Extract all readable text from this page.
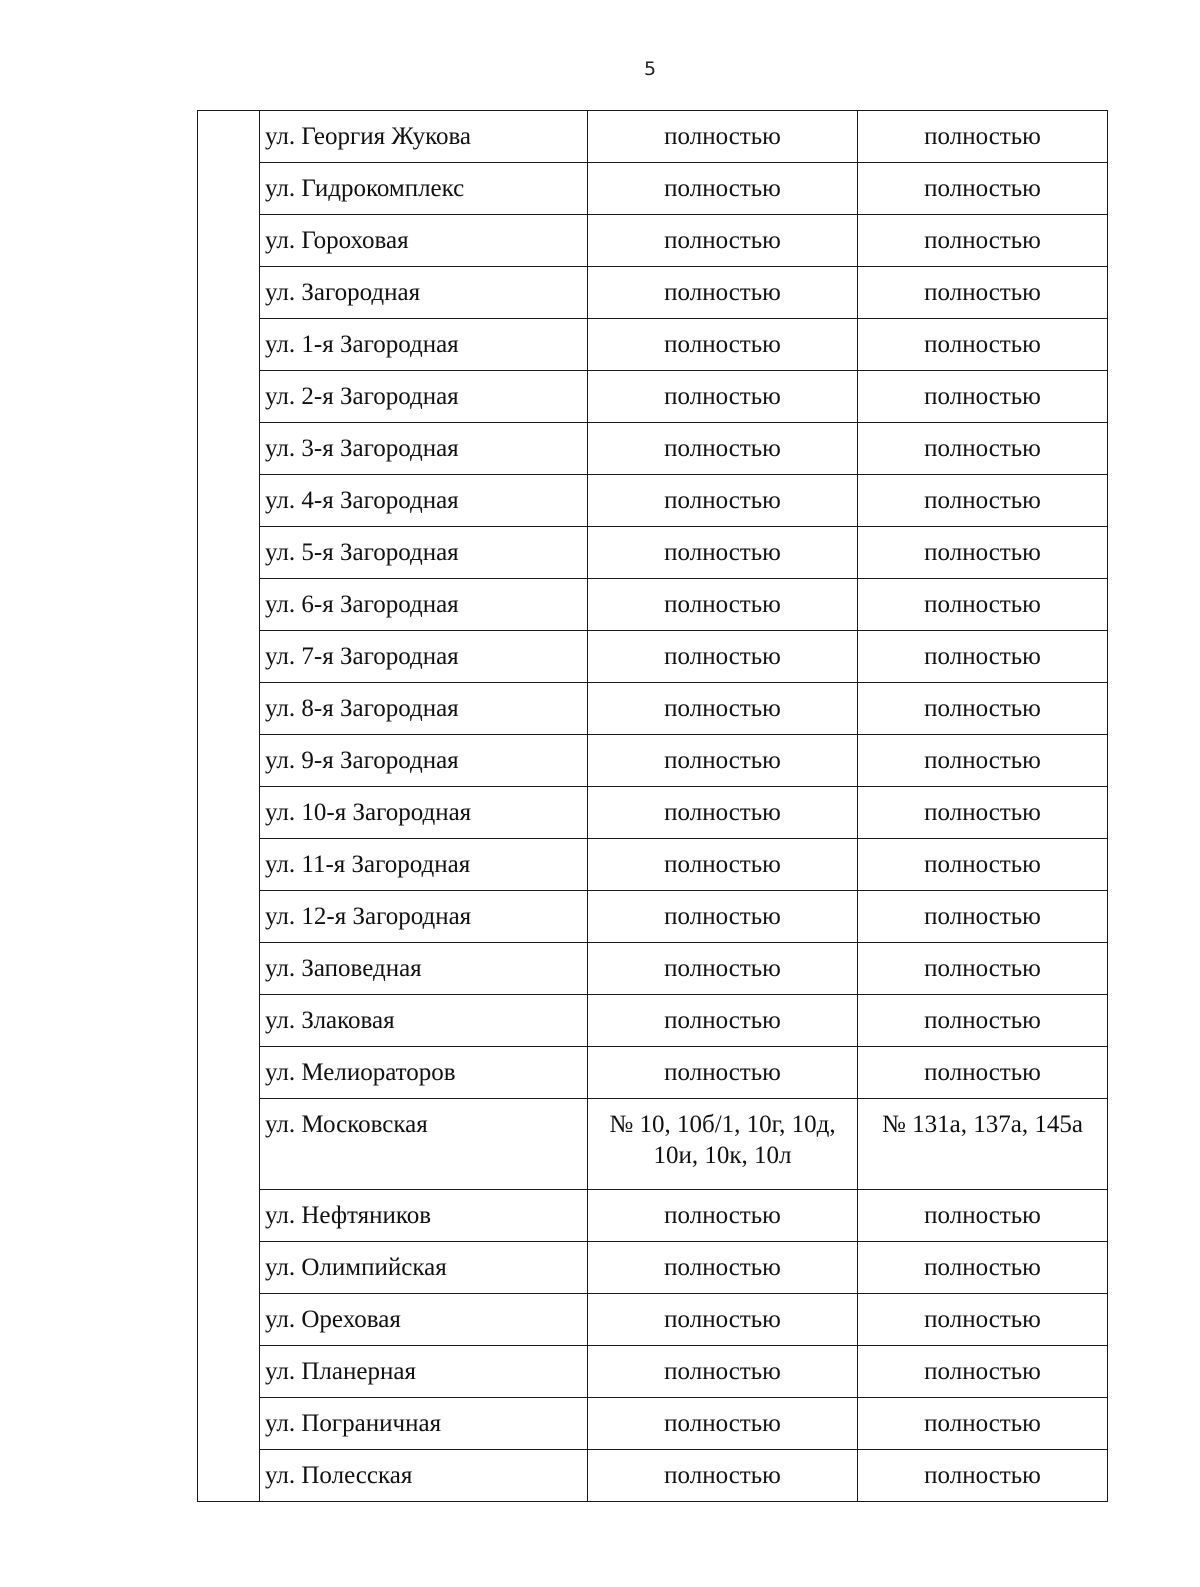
5
	ул. Георгия Жукова	полностью	полностью
	ул. Гидрокомплекс	полностью	полностью
	ул. Гороховая	полностью	полностью
	ул. Загородная	полностью	полностью
	ул. 1-я Загородная	полностью	полностью
	ул. 2-я Загородная	полностью	полностью
	ул. 3-я Загородная	полностью	полностью
	ул. 4-я Загородная	полностью	полностью
	ул. 5-я Загородная	полностью	полностью
	ул. 6-я Загородная	полностью	полностью
	ул. 7-я Загородная	полностью	полностью
	ул. 8-я Загородная	полностью	полностью
	ул. 9-я Загородная	полностью	полностью
	ул. 10-я Загородная	полностью	полностью
	ул. 11-я Загородная	полностью	полностью
	ул. 12-я Загородная	полностью	полностью
	ул. Заповедная	полностью	полностью
	ул. Злаковая	полностью	полностью
	ул. Мелиораторов	полностью	полностью
	ул. Московская	№ 10, 10б/1, 10г, 10д, 10и, 10к, 10л	№ 131а, 137а, 145а
	ул. Нефтяников	полностью	полностью
	ул. Олимпийская	полностью	полностью
	ул. Ореховая	полностью	полностью
	ул. Планерная	полностью	полностью
	ул. Пограничная	полностью	полностью
	ул. Полесская	полностью	полностью
